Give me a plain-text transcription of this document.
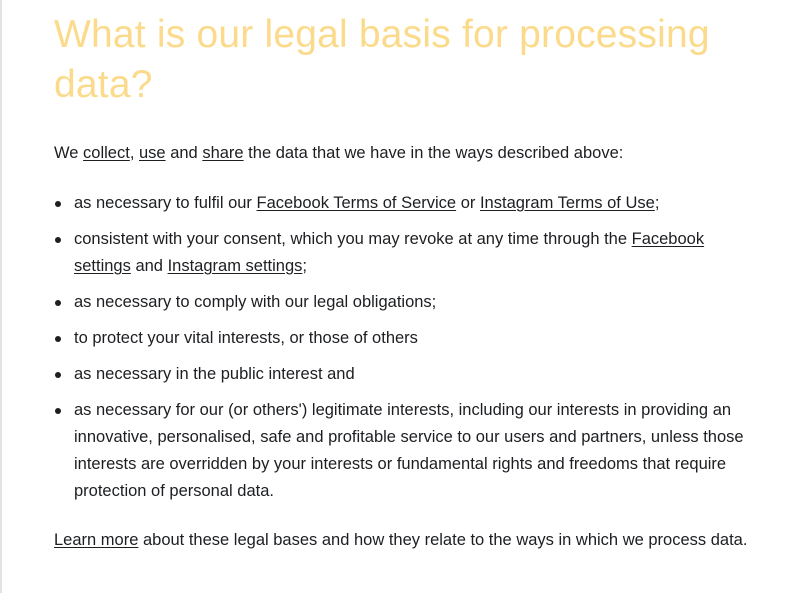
What is our legal basis for processing data?

We collect, use and share the data that we have in the ways described above:

as necessary to fulfil our Facebook Terms of Service or Instagram Terms of Use;
consistent with your consent, which you may revoke at any time through the Facebook settings and Instagram settings;
as necessary to comply with our legal obligations;
to protect your vital interests, or those of others
as necessary in the public interest and
as necessary for our (or others') legitimate interests, including our interests in providing an innovative, personalised, safe and profitable service to our users and partners, unless those interests are overridden by your interests or fundamental rights and freedoms that require protection of personal data.

Learn more about these legal bases and how they relate to the ways in which we process data.
